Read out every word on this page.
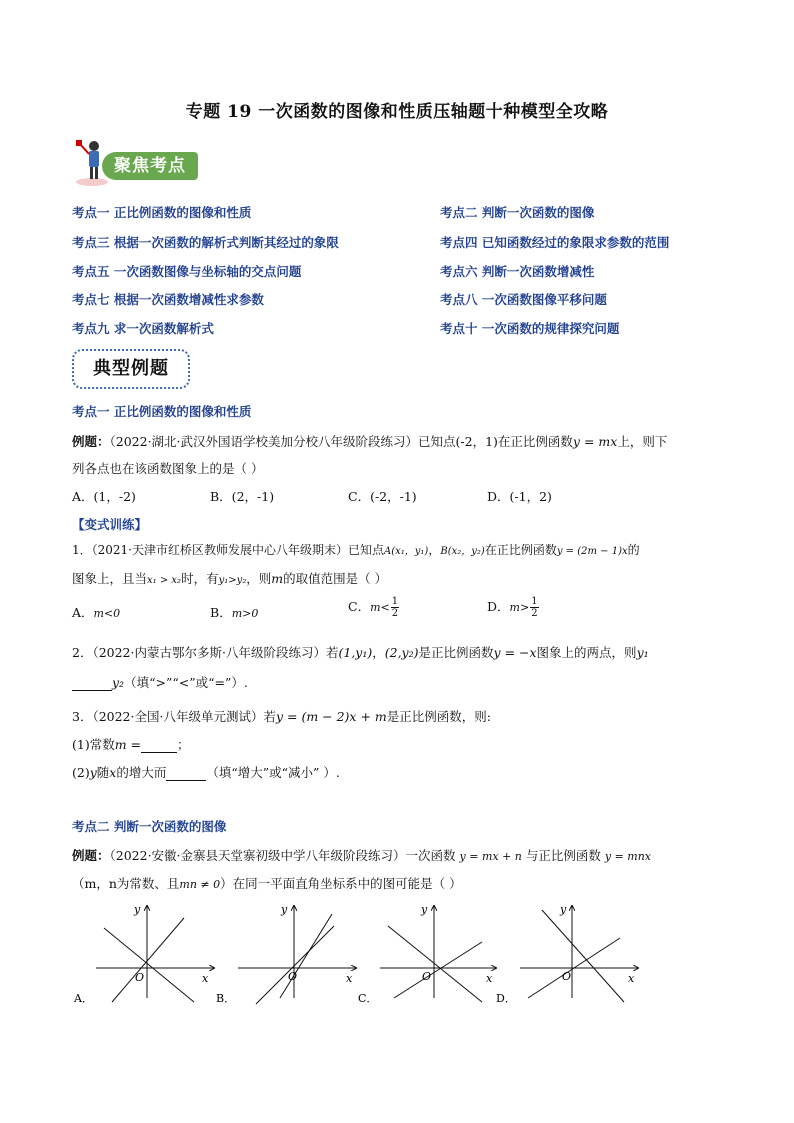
专题 19 一次函数的图像和性质压轴题十种模型全攻略
聚焦考点
考点一 正比例函数的图像和性质	考点二 判断一次函数的图像
考点三 根据一次函数的解析式判断其经过的象限	考点四 已知函数经过的象限求参数的范围
考点五 一次函数图像与坐标轴的交点问题	考点六 判断一次函数增减性
考点七 根据一次函数增减性求参数	考点八 一次函数图像平移问题
考点九 求一次函数解析式	考点十 一次函数的规律探究问题
典型例题
考点一 正比例函数的图像和性质
例题：（2022·湖北·武汉外国语学校美加分校八年级阶段练习）已知点(-2，1)在正比例函数y = mx上，则下
列各点也在该函数图象上的是（ ）
A．(1，-2)	B．(2，-1)	C．(-2，-1)	D．(-1，2)
【变式训练】
1．（2021·天津市红桥区教师发展中心八年级期末）已知点A(x₁，y₁)，B(x₂，y₂)在正比例函数y = (2m − 1)x的
图象上，且当x₁ > x₂时，有y₁>y₂，则m的取值范围是（ ）
A．m<0	B．m>0	C．$m< \frac{1}{2}$	D．$m> \frac{1}{2}$
2．（2022·内蒙古鄂尔多斯·八年级阶段练习）若(1,y₁)，(2,y₂)是正比例函数y = −x图象上的两点，则y₁
y₂（填“>”“<”或“=”）.
3．（2022·全国·八年级单元测试）若y = (m − 2)x + m是正比例函数，则:
(1)常数m =	；
(2)y随x的增大而	（填“增大”或“减小” ）.
考点二 判断一次函数的图像
例题：（2022·安徽·金寨县天堂寨初级中学八年级阶段练习）一次函数 y = mx + n 与正比例函数 y = mnx
（m，n为常数、且mn ≠ 0）在同一平面直角坐标系中的图可能是（ ）
y
x
O
A．
y
x
O
B．
y
x
O
C．
y
x
O
D．
